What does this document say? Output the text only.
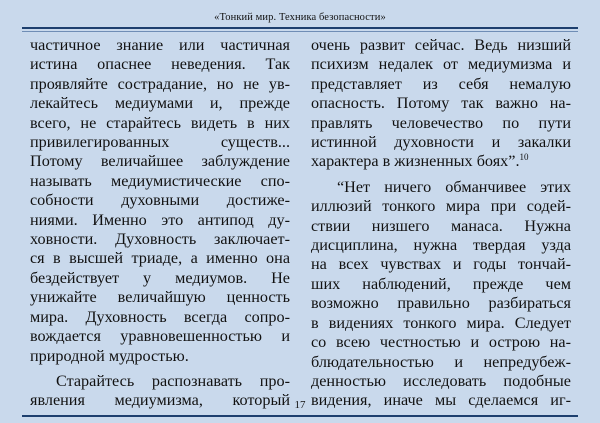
«Тонкий мир. Техника безопасности»

частичное знание или частичная
истина опаснее неведения. Так
проявляйте сострадание, но не ув-
лекайтесь медиумами и, прежде
всего, не старайтесь видеть в них
привилегированных существ...
Потому величайшее заблуждение
называть медиумистические спо-
собности духовными достиже-
ниями. Именно это антипод ду-
ховности. Духовность заключает-
ся в высшей триаде, а именно она
бездействует у медиумов. Не
унижайте величайшую ценность
мира. Духовность всегда сопро-
вождается уравновешенностью и
природной мудростью.

Старайтесь распознавать про-
явления медиумизма, который

очень развит сейчас. Ведь низший
психизм недалек от медиумизма и
представляет из себя немалую
опасность. Потому так важно на-
правлять человечество по пути
истинной духовности и закалки
характера в жизненных боях”.$^{10}$

“Нет ничего обманчивее этих
иллюзий тонкого мира при содей-
ствии низшего манаса. Нужна
дисциплина, нужна твердая узда
на всех чувствах и годы тончай-
ших наблюдений, прежде чем
возможно правильно разбираться
в видениях тонкого мира. Следует
со всею честностью и острою на-
блюдательностью и непредубеж-
денностью исследовать подобные
видения, иначе мы сделаемся иг-

17
